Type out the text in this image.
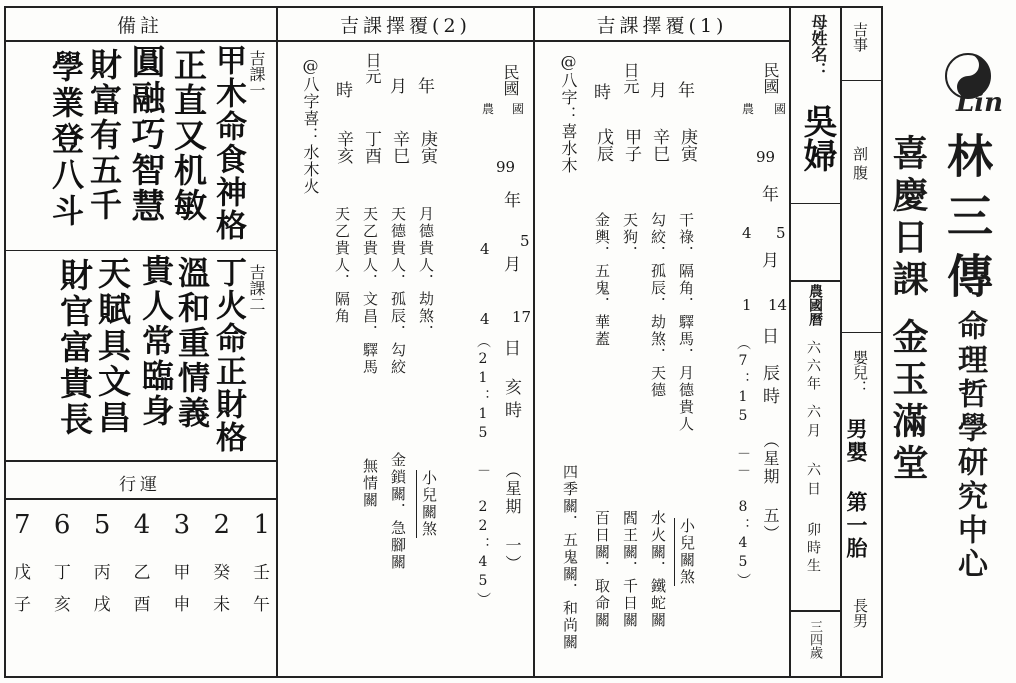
備註	吉課擇覆(2)	吉課擇覆(1)
吉課一
甲木命食神格
正直又机敏
圓融巧智慧
財富有五千
學業登八斗
吉課二
丁火命正財格
溫和重情義
貴人常臨身
天賦具文昌
財官富貴長
行運
7 6 5 4 3 2 1
戊 丁 丙 乙 甲 癸 壬
子 亥 戌 酉 申 未 午
民國
農 國
99
年
5
4
月
17
4
日
亥時
（星期 一）
（21：15 － 22：45）
年
月
日元
時
庚寅
辛巳
丁酉
辛亥
月德貴人．劫煞．
天德貴人．孤辰．勾絞
天乙貴人．文昌．驛馬
天乙貴人．隔角
@八字喜：水木火
小兒關煞
金鎖關．急腳關
無情關
民國
農 國
99
年
4 5
月
1 14
日
辰時
（星期 五）
（7：15 －－ 8：45）
年
月
日元
時
庚寅
辛巳
甲子
戊辰
干祿．隔角．驛馬．月德貴人
勾絞．孤辰．劫煞．天德
天狗．
金輿．五鬼．華蓋
@八字：喜水木
小兒關煞
水火關．鐵蛇關
閻王關．千日關
百日關．取命關
四季關．五鬼關．和尚關
母姓名：
吳婦
農國曆
六六年
六月
六日
卯時生
三四歲
吉事
剖腹
嬰兒：
男嬰 第一胎
長男
Lin
林三傳
命理哲學研究中心
喜慶日課
金玉滿堂
